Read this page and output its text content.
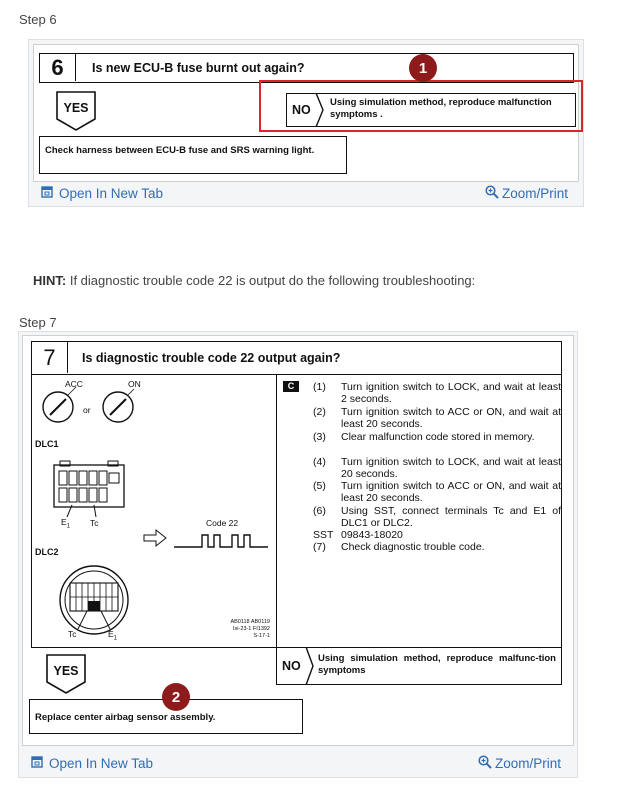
Step 6
6	Is new ECU-B fuse burnt out again?
YES	NO
Using simulation method, reproduce malfunction symptoms .
Check harness between ECU-B fuse and SRS warning light.
1
Open In New Tab	Zoom/Print
HINT: If diagnostic trouble code 22 is output do the following troubleshooting:
Step 7
7	Is diagnostic trouble code 22 output again?
ACC	ON
or
DLC1
$E_1$ Tc	Code 22
DLC2
Tc	$E_1$
AB0118 AB0119
Isi-23-1 FI1392
S-17-1
C	(1) Turn ignition switch to LOCK, and wait at least 2 seconds.
(2) Turn ignition switch to ACC or ON, and wait at least 20 seconds.
(3) Clear malfunction code stored in memory.
(4) Turn ignition switch to LOCK, and wait at least 20 seconds.
(5) Turn ignition switch to ACC or ON, and wait at least 20 seconds.
(6) Using SST, connect terminals Tc and E1 of DLC1 or DLC2.
SST 09843-18020
(7) Check diagnostic trouble code.
YES	NO
Using simulation method, reproduce malfunc-tion symptoms
Replace center airbag sensor assembly.
2
Open In New Tab	Zoom/Print
